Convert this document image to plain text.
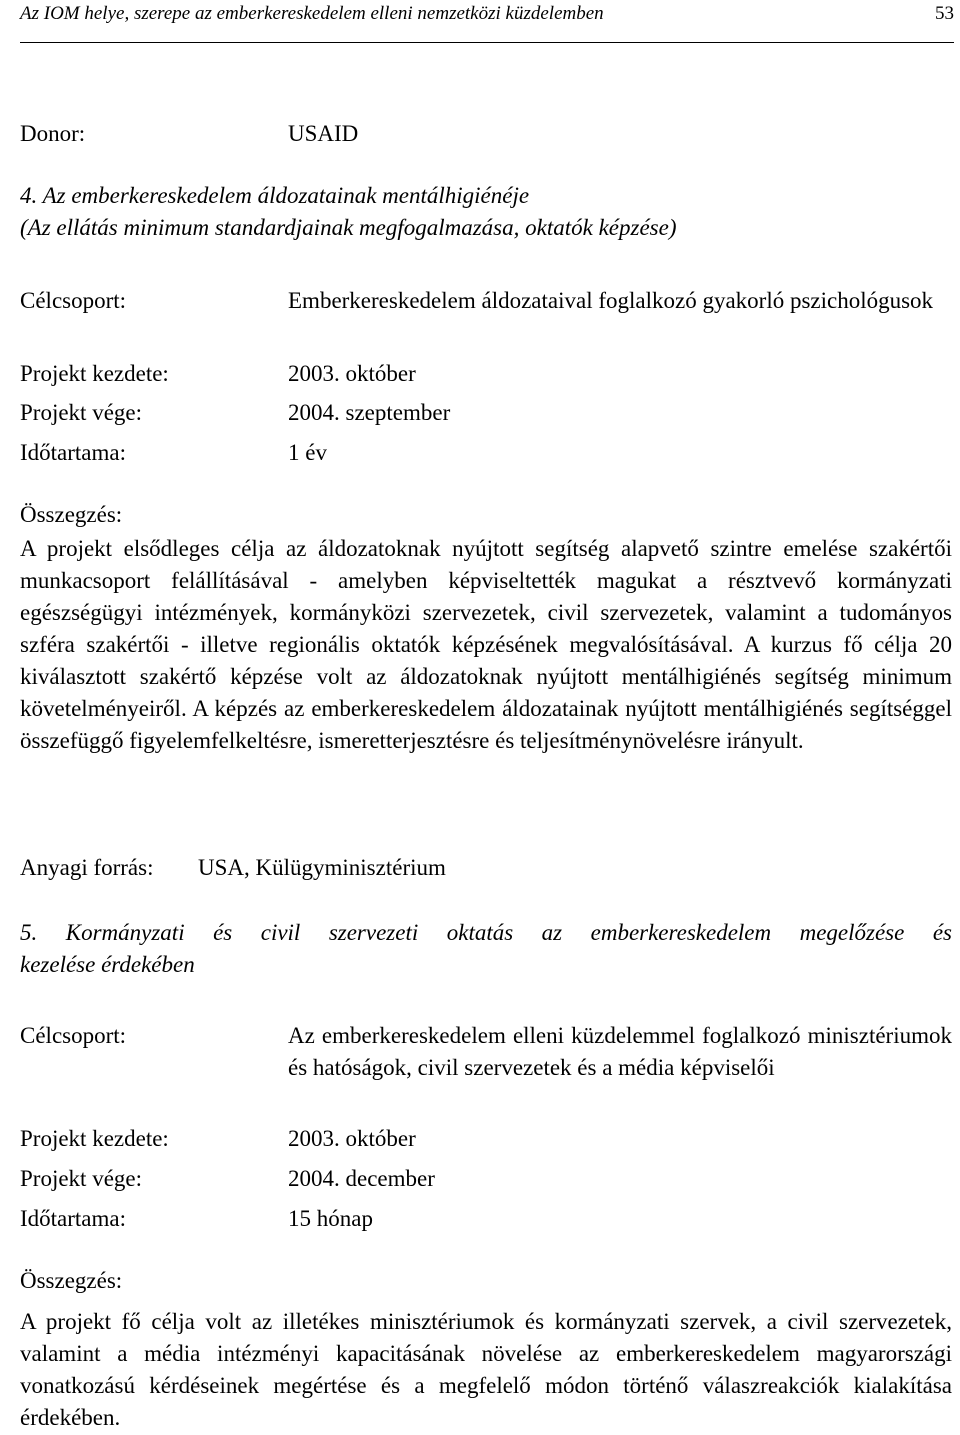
Az IOM helye, szerepe az emberkereskedelem elleni nemzetközi küzdelemben	53
Donor:	USAID
4. Az emberkereskedelem áldozatainak mentálhigiénéje
(Az ellátás minimum standardjainak megfogalmazása, oktatók képzése)
Célcsoport:	Emberkereskedelem áldozataival foglalkozó gyakorló pszichológusok
Projekt kezdete:	2003. október
Projekt vége:	2004. szeptember
Időtartama:	1 év
Összegzés:
A projekt elsődleges célja az áldozatoknak nyújtott segítség alapvető szintre emelése szakértői munkacsoport felállításával - amelyben képviseltették magukat a résztvevő kormányzati egészségügyi intézmények, kormányközi szervezetek, civil szervezetek, valamint a tudományos szféra szakértői - illetve regionális oktatók képzésének megvalósításával. A kurzus fő célja 20 kiválasztott szakértő képzése volt az áldozatoknak nyújtott mentálhigiénés segítség minimum követelményeiről. A képzés az emberkereskedelem áldozatainak nyújtott mentálhigiénés segítséggel összefüggő figyelemfelkeltésre, ismeretterjesztésre és teljesítménynövelésre irányult.
Anyagi forrás: USA, Külügyminisztérium
5. Kormányzati és civil szervezeti oktatás az emberkereskedelem megelőzése és
kezelése érdekében
Célcsoport:	Az emberkereskedelem elleni küzdelemmel foglalkozó minisztériumok és hatóságok, civil szervezetek és a média képviselői
Projekt kezdete:	2003. október
Projekt vége:	2004. december
Időtartama:	15 hónap
Összegzés:
A projekt fő célja volt az illetékes minisztériumok és kormányzati szervek, a civil szervezetek, valamint a média intézményi kapacitásának növelése az emberkereskedelem magyarországi vonatkozású kérdéseinek megértése és a megfelelő módon történő válaszreakciók kialakítása érdekében.
